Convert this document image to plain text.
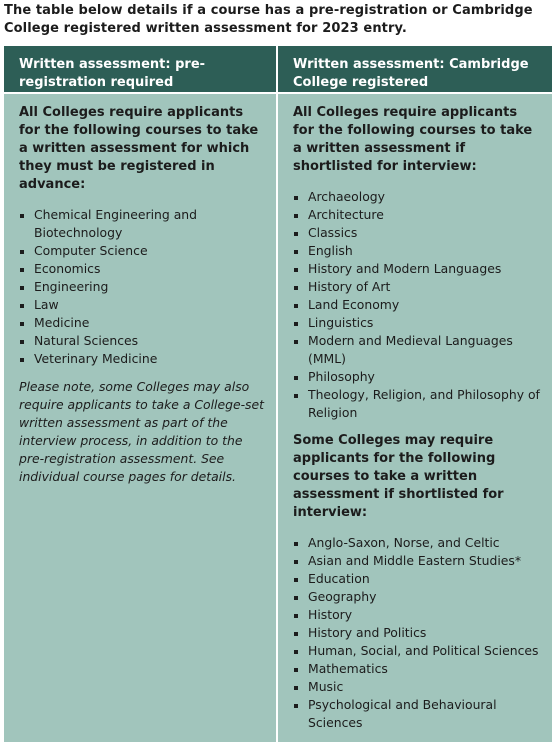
The table below details if a course has a pre-registration or Cambridge College registered written assessment for 2023 entry.
Written assessment: pre-registration required
Written assessment: Cambridge College registered

All Colleges require applicants for the following courses to take a written assessment for which they must be registered in advance:

Chemical Engineering and Biotechnology
Computer Science
Economics
Engineering
Law
Medicine
Natural Sciences
Veterinary Medicine
Please note, some Colleges may also require applicants to take a College-set written assessment as part of the interview process, in addition to the pre-registration assessment. See individual course pages for details.

All Colleges require applicants for the following courses to take a written assessment if shortlisted for interview:

Archaeology
Architecture
Classics
English
History and Modern Languages
History of Art
Land Economy
Linguistics
Modern and Medieval Languages (MML)
Philosophy
Theology, Religion, and Philosophy of Religion

Some Colleges may require applicants for the following courses to take a written assessment if shortlisted for interview:

Anglo-Saxon, Norse, and Celtic
Asian and Middle Eastern Studies*
Education
Geography
History
History and Politics
Human, Social, and Political Sciences
Mathematics
Music
Psychological and Behavioural Sciences
